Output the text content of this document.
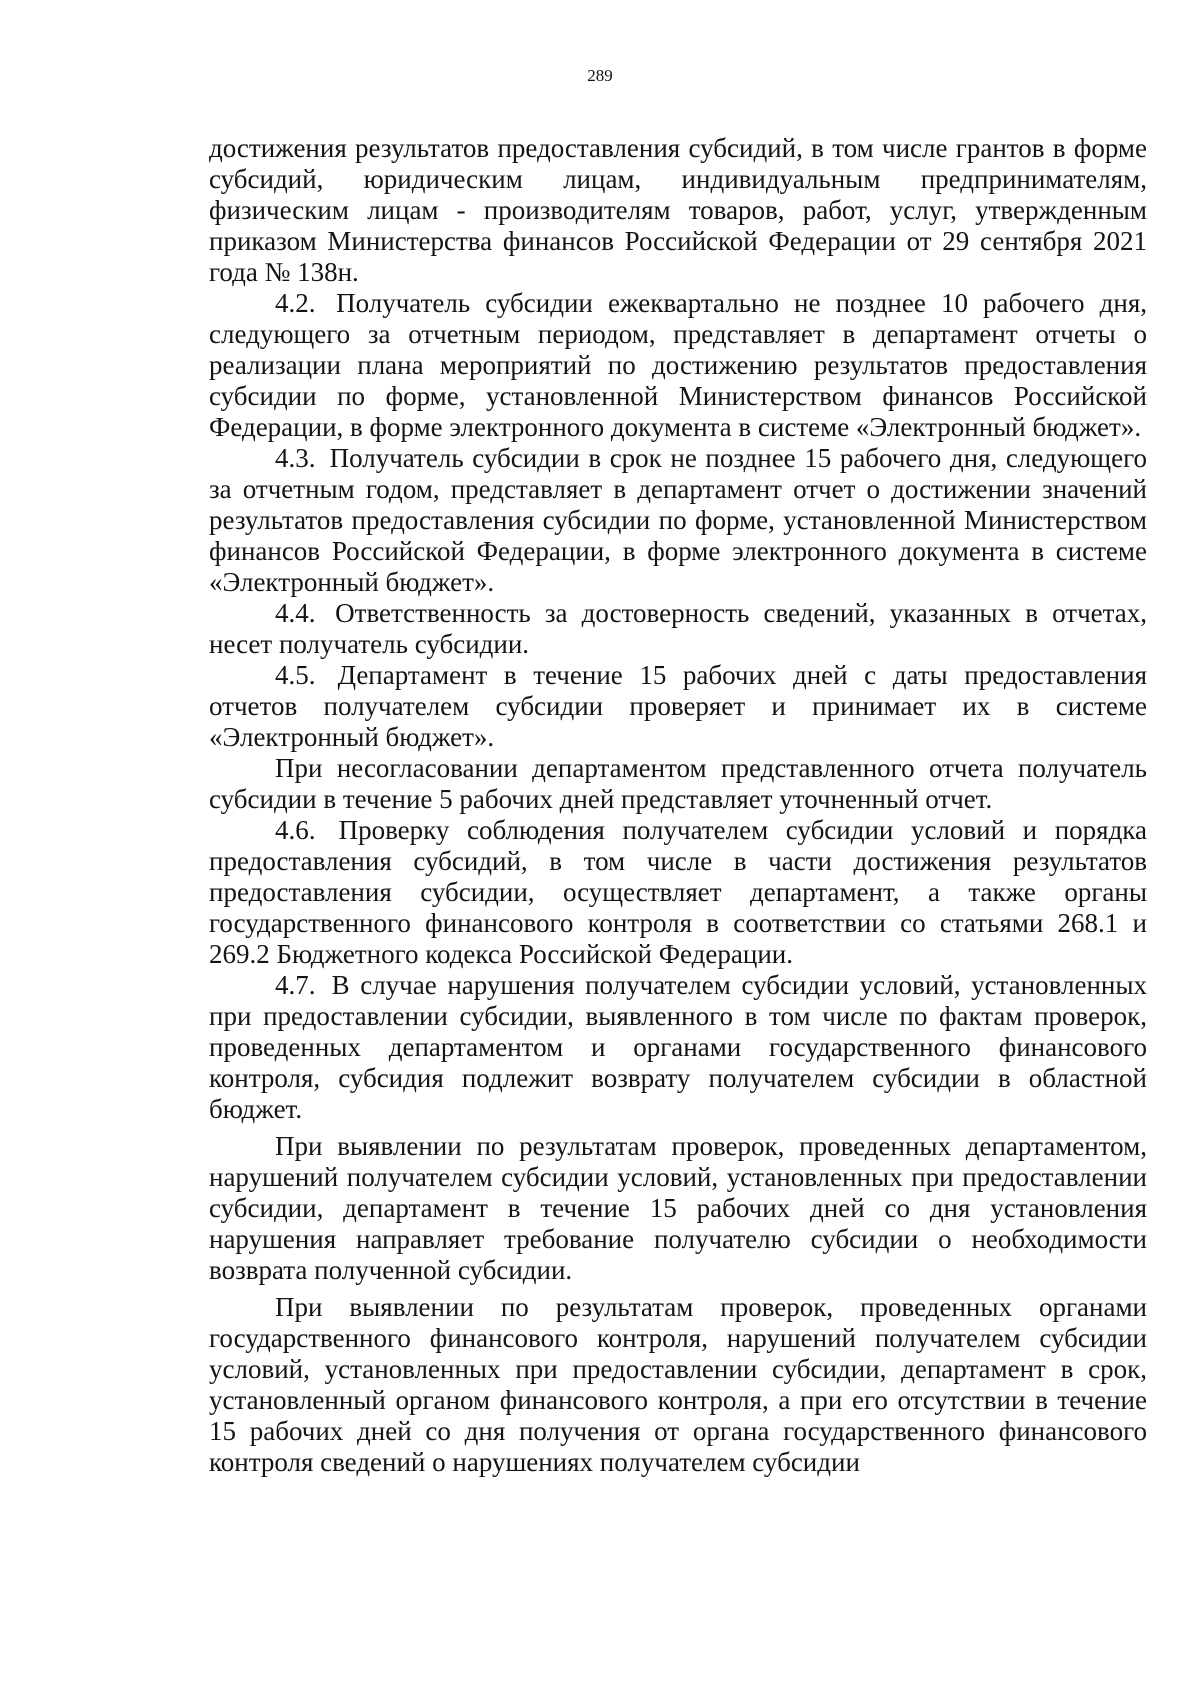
289

достижения результатов предоставления субсидий, в том числе грантов в форме субсидий, юридическим лицам, индивидуальным предпринимателям, физическим лицам - производителям товаров, работ, услуг, утвержденным приказом Министерства финансов Российской Федерации от 29 сентября 2021 года № 138н.

4.2. Получатель субсидии ежеквартально не позднее 10 рабочего дня, следующего за отчетным периодом, представляет в департамент отчеты о реализации плана мероприятий по достижению результатов предоставления субсидии по форме, установленной Министерством финансов Российской Федерации, в форме электронного документа в системе «Электронный бюджет».

4.3. Получатель субсидии в срок не позднее 15 рабочего дня, следующего за отчетным годом, представляет в департамент отчет о достижении значений результатов предоставления субсидии по форме, установленной Министерством финансов Российской Федерации, в форме электронного документа в системе «Электронный бюджет».

4.4. Ответственность за достоверность сведений, указанных в отчетах, несет получатель субсидии.

4.5. Департамент в течение 15 рабочих дней с даты предоставления отчетов получателем субсидии проверяет и принимает их в системе «Электронный бюджет».

При несогласовании департаментом представленного отчета получатель субсидии в течение 5 рабочих дней представляет уточненный отчет.

4.6. Проверку соблюдения получателем субсидии условий и порядка предоставления субсидий, в том числе в части достижения результатов предоставления субсидии, осуществляет департамент, а также органы государственного финансового контроля в соответствии со статьями 268.1 и 269.2 Бюджетного кодекса Российской Федерации.

4.7. В случае нарушения получателем субсидии условий, установленных при предоставлении субсидии, выявленного в том числе по фактам проверок, проведенных департаментом и органами государственного финансового контроля, субсидия подлежит возврату получателем субсидии в областной бюджет.

При выявлении по результатам проверок, проведенных департаментом, нарушений получателем субсидии условий, установленных при предоставлении субсидии, департамент в течение 15 рабочих дней со дня установления нарушения направляет требование получателю субсидии о необходимости возврата полученной субсидии.

При выявлении по результатам проверок, проведенных органами государственного финансового контроля, нарушений получателем субсидии условий, установленных при предоставлении субсидии, департамент в срок, установленный органом финансового контроля, а при его отсутствии в течение 15 рабочих дней со дня получения от органа государственного финансового контроля сведений о нарушениях получателем субсидии
